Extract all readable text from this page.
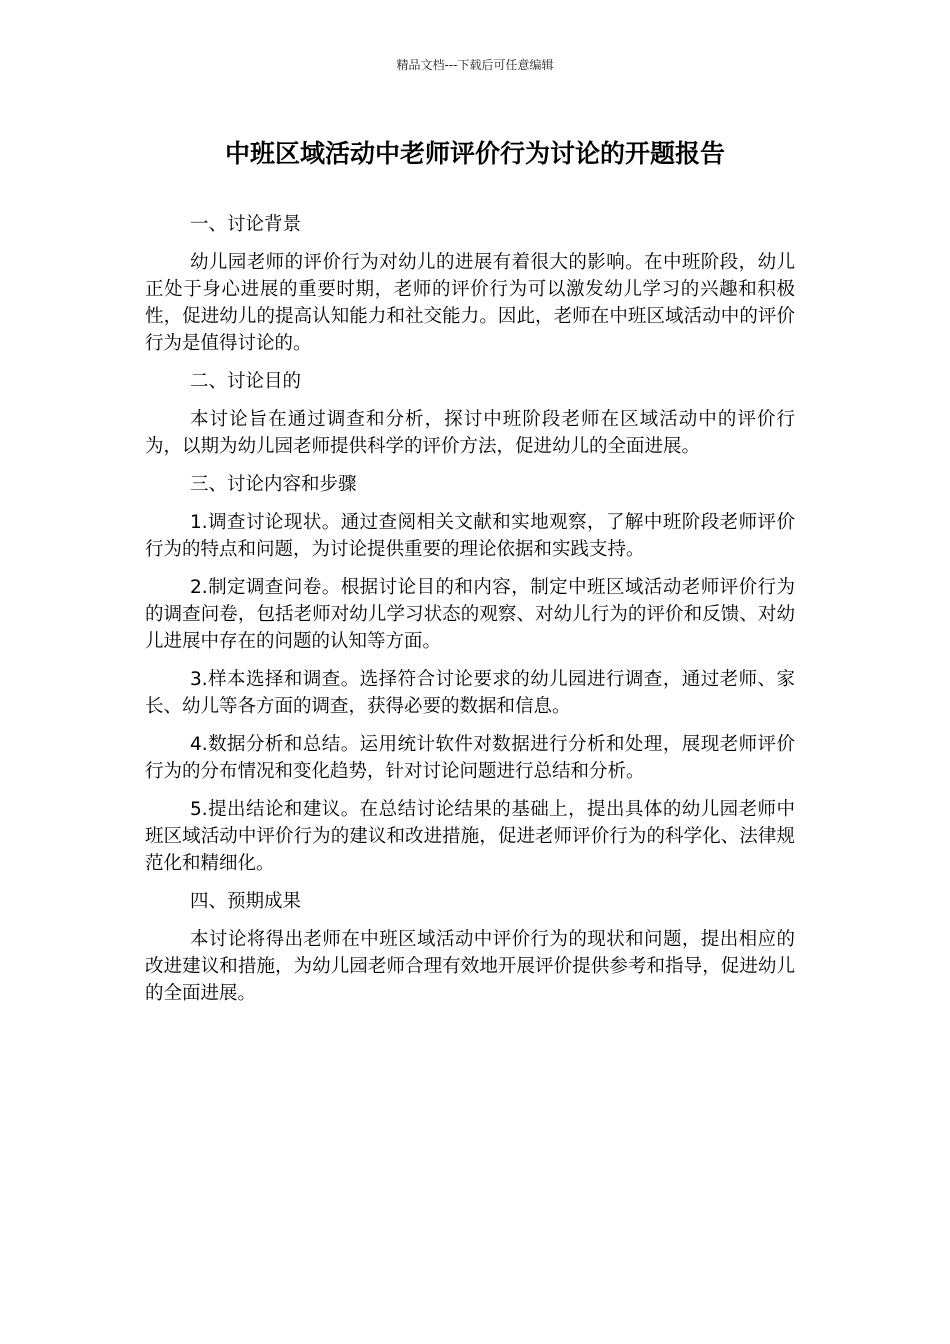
精品文档---下载后可任意编辑
中班区域活动中老师评价行为讨论的开题报告

一、讨论背景

幼儿园老师的评价行为对幼儿的进展有着很大的影响。在中班阶段，幼儿正处于身心进展的重要时期，老师的评价行为可以激发幼儿学习的兴趣和积极性，促进幼儿的提高认知能力和社交能力。因此，老师在中班区域活动中的评价行为是值得讨论的。

二、讨论目的

本讨论旨在通过调查和分析，探讨中班阶段老师在区域活动中的评价行为，以期为幼儿园老师提供科学的评价方法，促进幼儿的全面进展。

三、讨论内容和步骤

1.调查讨论现状。通过查阅相关文献和实地观察，了解中班阶段老师评价行为的特点和问题，为讨论提供重要的理论依据和实践支持。

2.制定调查问卷。根据讨论目的和内容，制定中班区域活动老师评价行为的调查问卷，包括老师对幼儿学习状态的观察、对幼儿行为的评价和反馈、对幼儿进展中存在的问题的认知等方面。

3.样本选择和调查。选择符合讨论要求的幼儿园进行调查，通过老师、家长、幼儿等各方面的调查，获得必要的数据和信息。

4.数据分析和总结。运用统计软件对数据进行分析和处理，展现老师评价行为的分布情况和变化趋势，针对讨论问题进行总结和分析。

5.提出结论和建议。在总结讨论结果的基础上，提出具体的幼儿园老师中班区域活动中评价行为的建议和改进措施，促进老师评价行为的科学化、法律规范化和精细化。

四、预期成果

本讨论将得出老师在中班区域活动中评价行为的现状和问题，提出相应的改进建议和措施，为幼儿园老师合理有效地开展评价提供参考和指导，促进幼儿的全面进展。
